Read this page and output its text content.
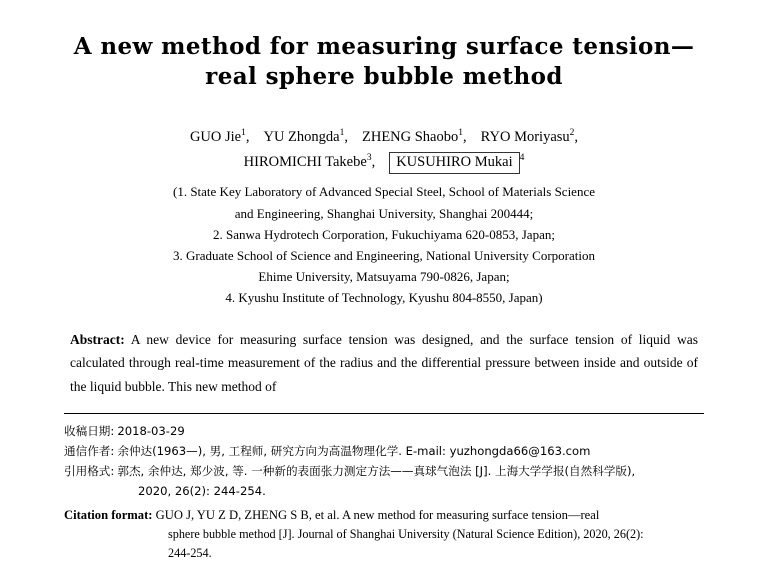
A new method for measuring surface tension—
real sphere bubble method
GUO Jie$^1$, YU Zhongda$^1$, ZHENG Shaobo$^1$, RYO Moriyasu$^2$,
HIROMICHI Takebe$^3$, KUSUHIRO Mukai $^4$
(1. State Key Laboratory of Advanced Special Steel, School of Materials Science
and Engineering, Shanghai University, Shanghai 200444;
2. Sanwa Hydrotech Corporation, Fukuchiyama 620-0853, Japan;
3. Graduate School of Science and Engineering, National University Corporation
Ehime University, Matsuyama 790-0826, Japan;
4. Kyushu Institute of Technology, Kyushu 804-8550, Japan)
Abstract: A new device for measuring surface tension was designed, and the surface tension of liquid was calculated through real-time measurement of the radius and the differential pressure between inside and outside of the liquid bubble. This new method of
收稿日期: 2018-03-29
通信作者: 余仲达(1963—), 男, 工程师, 研究方向为高温物理化学. E-mail: yuzhongda66@163.com
引用格式: 郭杰, 余仲达, 郑少波, 等. 一种新的表面张力测定方法——真球气泡法 [J]. 上海大学学报(自然科学版),
2020, 26(2): 244-254.
Citation format: GUO J, YU Z D, ZHENG S B, et al. A new method for measuring surface tension—real
sphere bubble method [J]. Journal of Shanghai University (Natural Science Edition), 2020, 26(2):
244-254.
